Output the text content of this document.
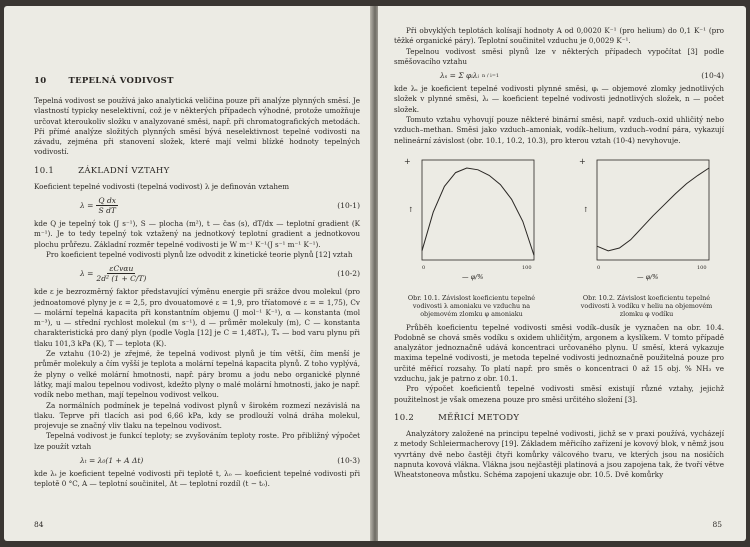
10	TEPELNÁ VODIVOST

Tepelná vodivost se používá jako analytická veličina pouze při analýze plynných směsí. Je vlastností typicky neselektivní, což je v některých případech výhodné, protože umožňuje určovat kteroukoliv složku v analyzované směsi, např. při chromatografických metodách. Při přímé analýze složitých plynných směsí bývá neselektivnost tepelné vodivosti na závadu, zejména při stanovení složek, které mají velmi blízké hodnoty tepelných vodivostí.

10.1	ZÁKLADNÍ VZTAHY

Koeficient tepelné vodivosti (tepelná vodivost) λ je definován vztahem

$\lambda = \frac{\text{Q dx}}{\text{S dT}}$	(10-1)

kde Q je tepelný tok (J s⁻¹), S — plocha (m²), t — čas (s), dT/dx — teplotní gradient (K m⁻¹). Je to tedy tepelný tok vztažený na jednotkový teplotní gradient a jednotkovou plochu průřezu. Základní rozměr tepelné vodivosti je W m⁻¹ K⁻¹(J s⁻¹ m⁻¹ K⁻¹).

Pro koeficient tepelné vodivosti plynů lze odvodit z kinetické teorie plynů [12] vztah

$\lambda = \frac{\text{εCvαu}}{\text{2d² (1 + C/T)}}$	(10-2)

kde ε je bezrozměrný faktor představující výměnu energie při srážce dvou molekul (pro jednoatomové plyny je ε = 2,5, pro dvouatomové ε = 1,9, pro tříatomové ε = = 1,75), Cv — molární tepelná kapacita při konstantním objemu (J mol⁻¹ K⁻¹), α — konstanta (mol m⁻³), u — střední rychlost molekul (m s⁻¹), d — průměr molekuly (m), C — konstanta charakteristická pro daný plyn (podle Vogla [12] je C = 1,48Tₓ), Tₓ — bod varu plynu při tlaku 101,3 kPa (K), T — teplota (K).

Ze vztahu (10-2) je zřejmé, že tepelná vodivost plynů je tím větší, čím menší je průměr molekuly a čím vyšší je teplota a molární tepelná kapacita plynů. Z toho vyplývá, že plyny o velké molární hmotnosti, např. páry bromu a jodu nebo organické plynné látky, mají malou tepelnou vodivost, kdežto plyny o malé molární hmotnosti, jako je např. vodík nebo methan, mají tepelnou vodivost velkou.

Za normálních podmínek je tepelná vodivost plynů v širokém rozmezí nezávislá na tlaku. Teprve při tlacích asi pod 6,66 kPa, kdy se prodlouží volná dráha molekul, projevuje se značný vliv tlaku na tepelnou vodivost.

Tepelná vodivost je funkcí teploty; se zvyšováním teploty roste. Pro přibližný výpočet lze použít vztah

λₜ = λ₀(1 + A Δt)	(10-3)

kde λₜ je koeficient tepelné vodivosti při teplotě t, λ₀ — koeficient tepelné vodivosti při teplotě 0 °C, A — teplotní součinitel, Δt — teplotní rozdíl (t − t₀).

84

Při obvyklých teplotách kolísají hodnoty A od 0,0020 K⁻¹ (pro helium) do 0,1 K⁻¹ (pro těžké organické páry). Teplotní součinitel vzduchu je 0,0029 K⁻¹.

Tepelnou vodivost směsi plynů lze v některých případech vypočítat [3] podle směšovacího vztahu

λₛ = Σ φᵢλᵢ n / i=1	(10-4)

kde λₛ je koeficient tepelné vodivosti plynné směsi, φᵢ — objemové zlomky jednotlivých složek v plynné směsi, λᵢ — koeficient tepelné vodivosti jednotlivých složek, n — počet složek.

Tomuto vztahu vyhovují pouze některé binární směsi, např. vzduch–oxid uhličitý nebo vzduch–methan. Směsi jako vzduch–amoniak, vodík–helium, vzduch–vodní pára, vykazují nelineární závislost (obr. 10.1, 10.2, 10.3), pro kterou vztah (10-4) nevyhovuje.

+
↑
0	100
— φ/%
Obr. 10.1. Závislost koeficientu tepelné vodivosti λ amoniaku ve vzduchu na objemovém zlomku φ amoniaku
+
↑
0	100
— φ/%
Obr. 10.2. Závislost koeficientu tepelné vodivosti λ vodíku v heliu na objemovém zlomku φ vodíku

Průběh koeficientu tepelné vodivosti směsi vodík–dusík je vyznačen na obr. 10.4. Podobně se chová směs vodíku s oxidem uhličitým, argonem a kyslíkem. V tomto případě analyzátor jednoznačně udává koncentraci určovaného plynu. U směsí, která vykazuje maxima tepelné vodivosti, je metoda tepelné vodivosti jednoznačně použitelná pouze pro určité měřicí rozsahy. To platí např. pro směs o koncentraci 0 až 15 obj. % NH₃ ve vzduchu, jak je patrno z obr. 10.1.

Pro výpočet koeficientů tepelné vodivosti směsí existují různé vztahy, jejichž použitelnost je však omezena pouze pro směsi určitého složení [3].

10.2	MĚŘICÍ METODY

Analyzátory založené na principu tepelné vodivosti, jichž se v praxi používá, vycházejí z metody Schleiermacherovy [19]. Základem měřicího zařízení je kovový blok, v němž jsou vyvrtány dvě nebo častěji čtyři komůrky válcového tvaru, ve kterých jsou na nosičích napnuta kovová vlákna. Vlákna jsou nejčastěji platinová a jsou zapojena tak, že tvoří větve Wheatstoneova můstku. Schéma zapojení ukazuje obr. 10.5. Dvě komůrky

85
